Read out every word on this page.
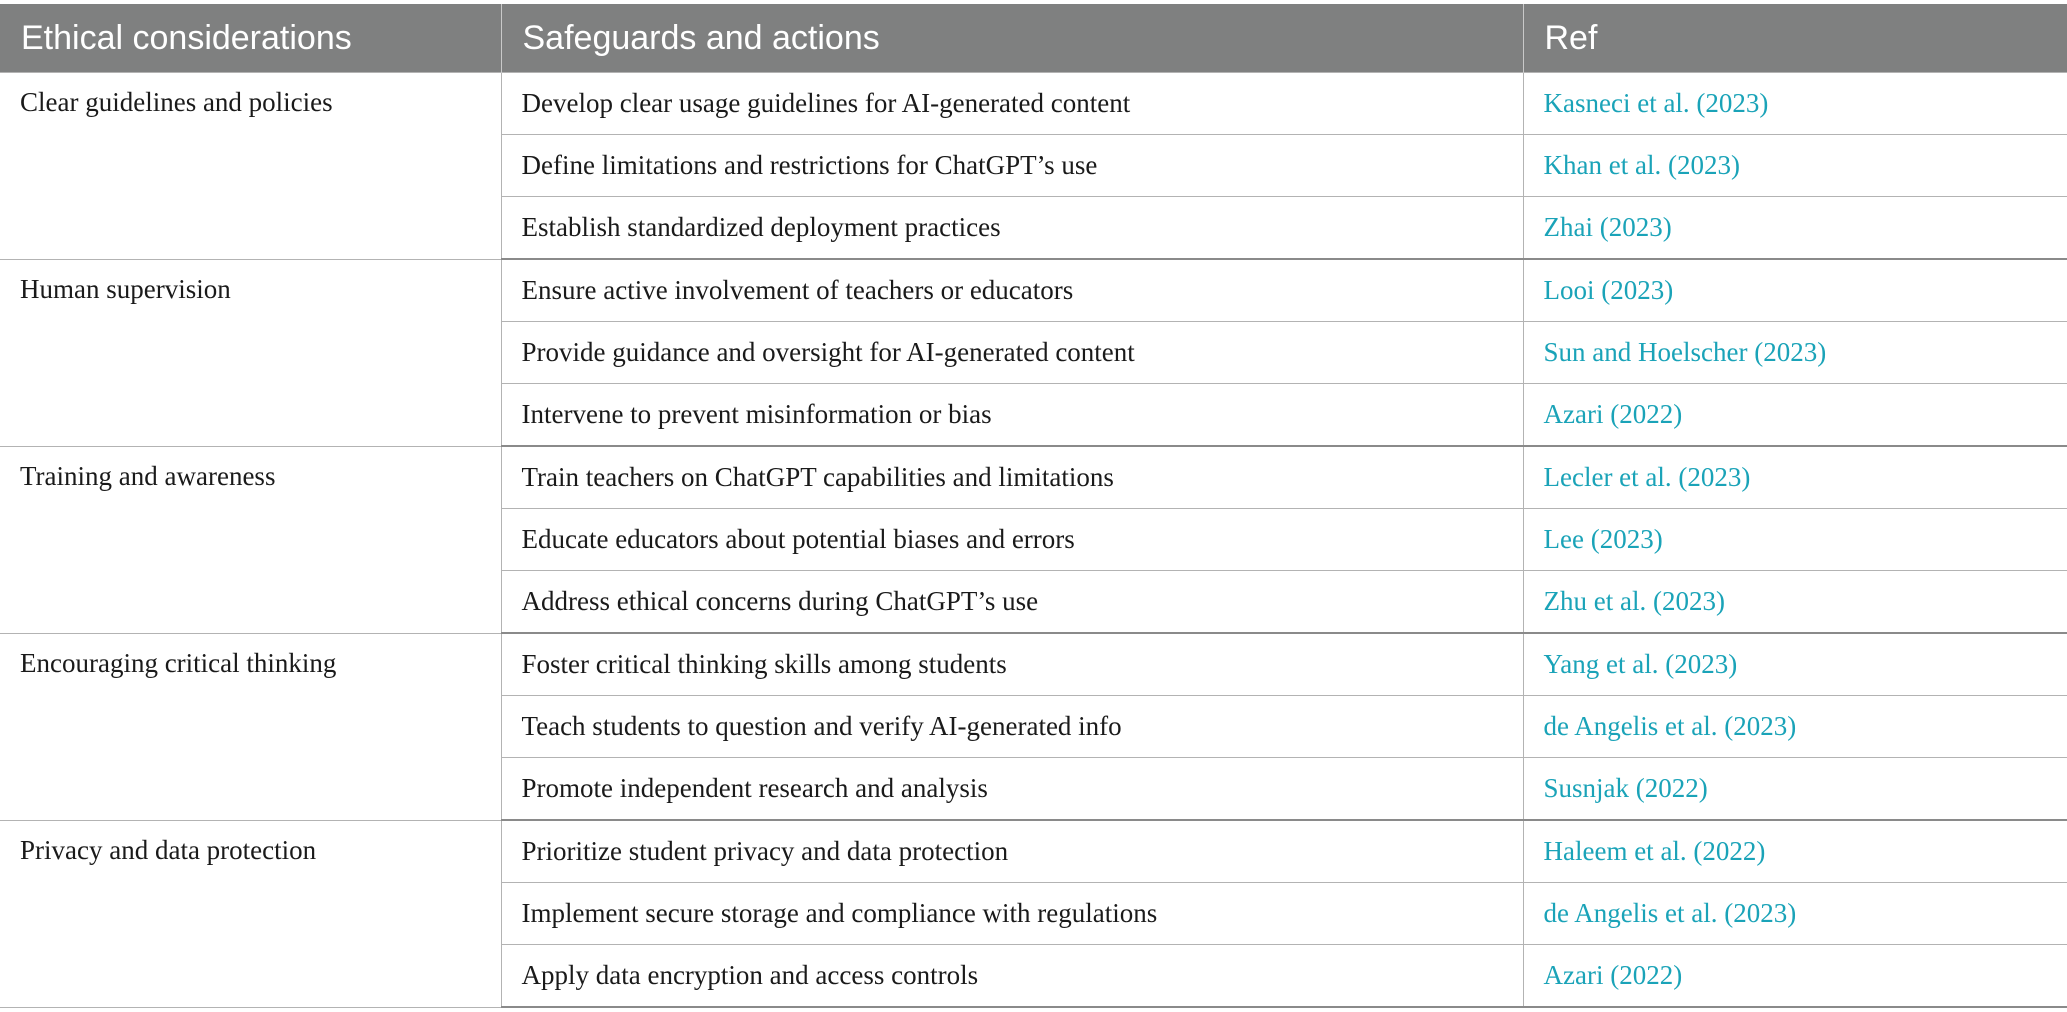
Ethical considerations	Safeguards and actions	Ref
Clear guidelines and policies	Develop clear usage guidelines for AI-generated content	Kasneci et al. (2023)
	Define limitations and restrictions for ChatGPT’s use	Khan et al. (2023)
	Establish standardized deployment practices	Zhai (2023)
Human supervision	Ensure active involvement of teachers or educators	Looi (2023)
	Provide guidance and oversight for AI-generated content	Sun and Hoelscher (2023)
	Intervene to prevent misinformation or bias	Azari (2022)
Training and awareness	Train teachers on ChatGPT capabilities and limitations	Lecler et al. (2023)
	Educate educators about potential biases and errors	Lee (2023)
	Address ethical concerns during ChatGPT’s use	Zhu et al. (2023)
Encouraging critical thinking	Foster critical thinking skills among students	Yang et al. (2023)
	Teach students to question and verify AI-generated info	de Angelis et al. (2023)
	Promote independent research and analysis	Susnjak (2022)
Privacy and data protection	Prioritize student privacy and data protection	Haleem et al. (2022)
	Implement secure storage and compliance with regulations	de Angelis et al. (2023)
	Apply data encryption and access controls	Azari (2022)
